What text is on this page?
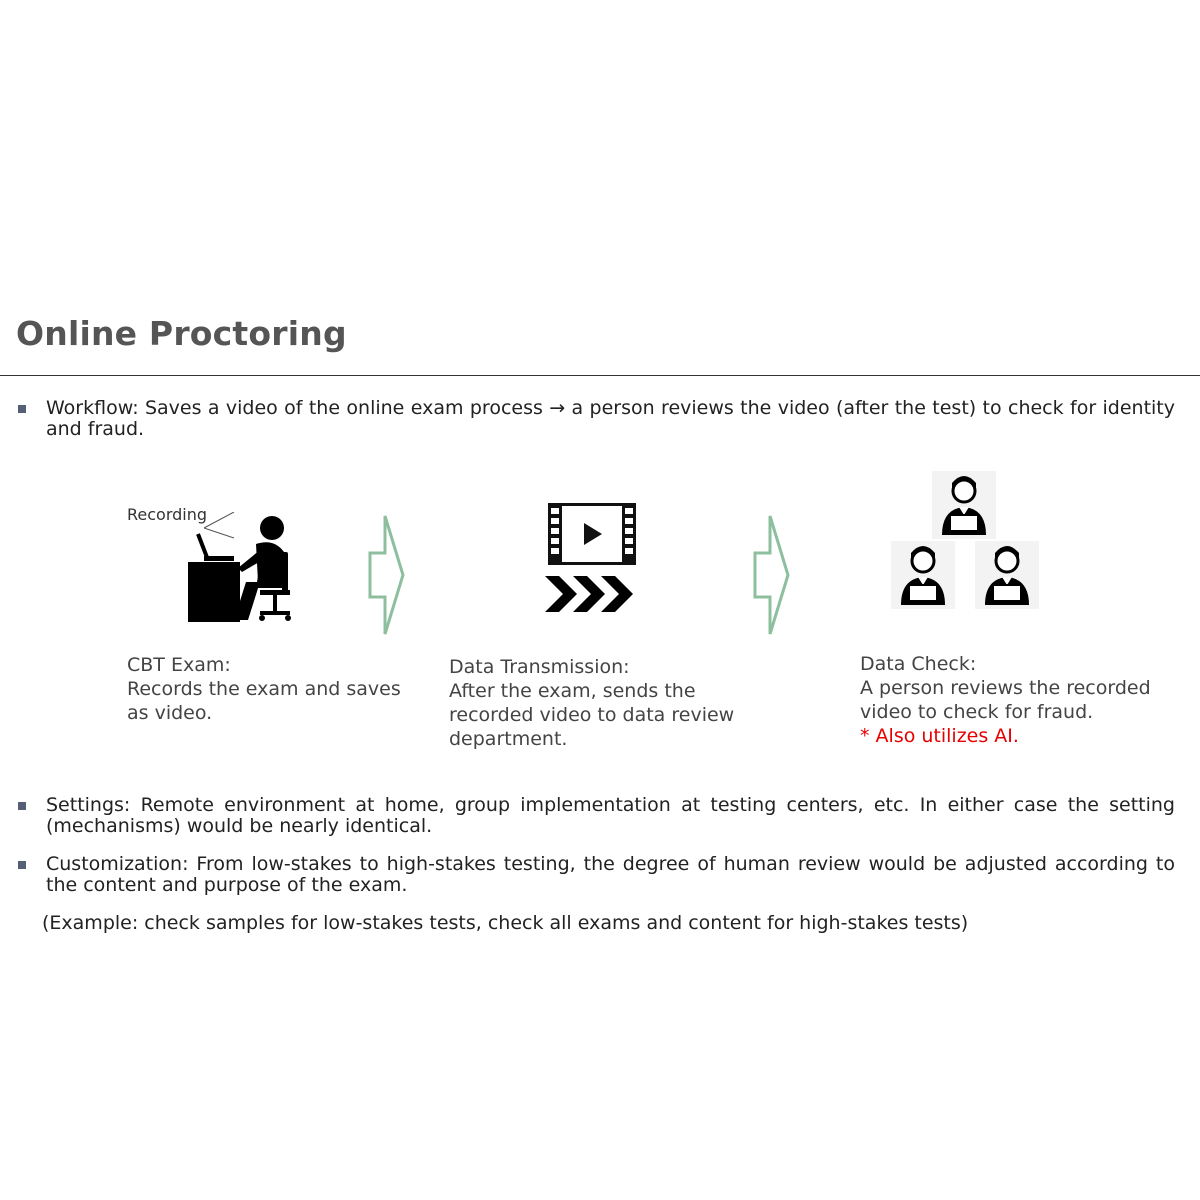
Online Proctoring
Workflow: Saves a video of the online exam process → a person reviews the video (after the test) to check for identity and fraud.
Recording
CBT Exam:
Records the exam and saves
as video.
Data Transmission:
After the exam, sends the
recorded video to data review
department.
Data Check:
A person reviews the recorded
video to check for fraud.
* Also utilizes AI.
Settings: Remote environment at home, group implementation at testing centers, etc. In either case the setting (mechanisms) would be nearly identical.
Customization: From low-stakes to high-stakes testing, the degree of human review would be adjusted according to the content and purpose of the exam.
(Example: check samples for low-stakes tests, check all exams and content for high-stakes tests)
